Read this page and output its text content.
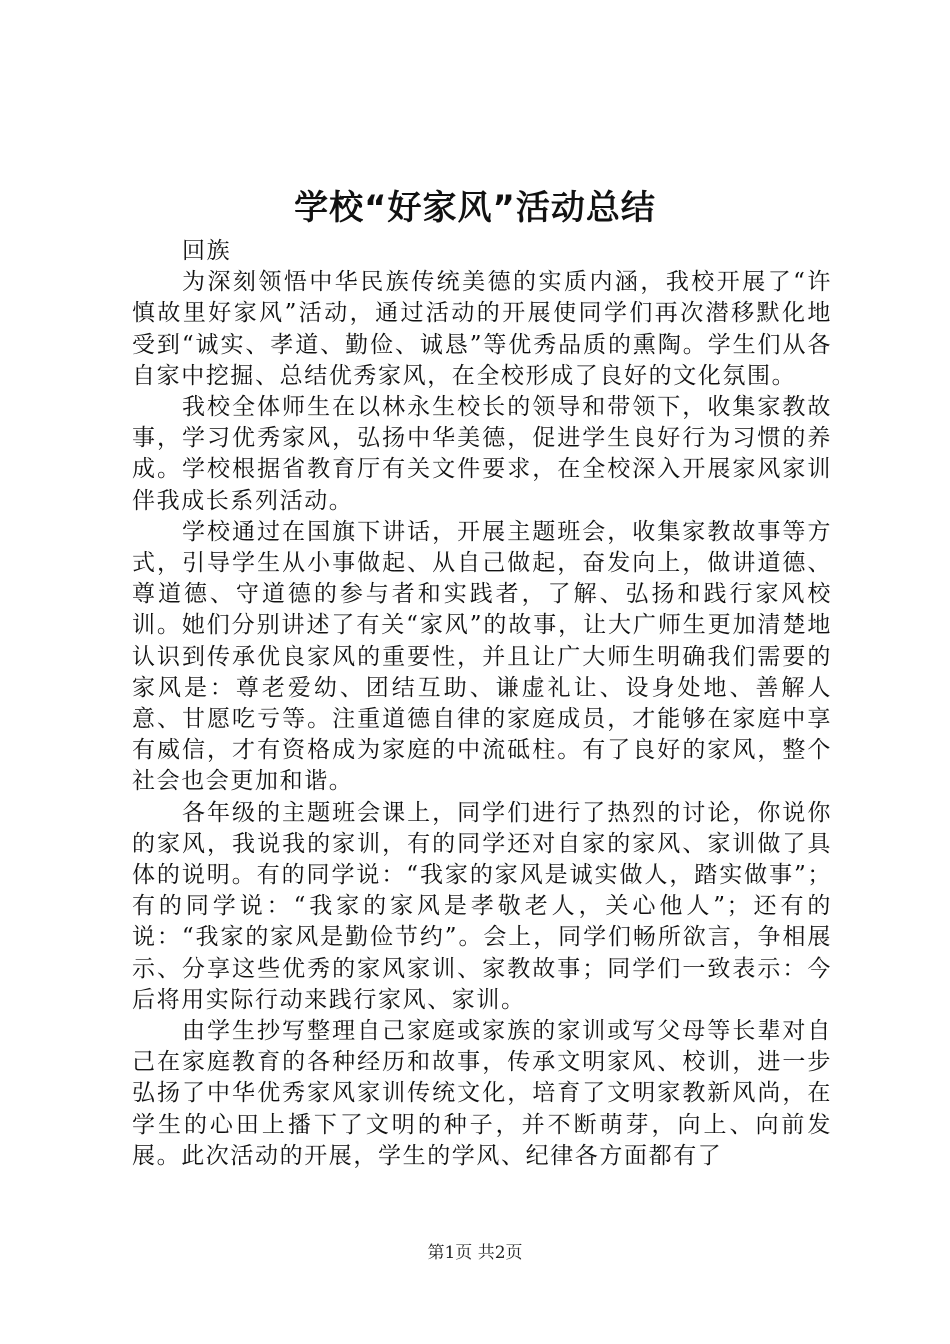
学校“好家风”活动总结

回族

为深刻领悟中华民族传统美德的实质内涵，我校开展了“许慎故里好家风”活动，通过活动的开展使同学们再次潜移默化地受到“诚实、孝道、勤俭、诚恳”等优秀品质的熏陶。学生们从各自家中挖掘、总结优秀家风，在全校形成了良好的文化氛围。

我校全体师生在以林永生校长的领导和带领下，收集家教故事，学习优秀家风，弘扬中华美德，促进学生良好行为习惯的养成。学校根据省教育厅有关文件要求，在全校深入开展家风家训伴我成长系列活动。

学校通过在国旗下讲话，开展主题班会，收集家教故事等方式，引导学生从小事做起、从自己做起，奋发向上，做讲道德、尊道德、守道德的参与者和实践者，了解、弘扬和践行家风校训。她们分别讲述了有关“家风”的故事，让大广师生更加清楚地认识到传承优良家风的重要性，并且让广大师生明确我们需要的家风是：尊老爱幼、团结互助、谦虚礼让、设身处地、善解人意、甘愿吃亏等。注重道德自律的家庭成员，才能够在家庭中享有威信，才有资格成为家庭的中流砥柱。有了良好的家风，整个社会也会更加和谐。

各年级的主题班会课上，同学们进行了热烈的讨论，你说你的家风，我说我的家训，有的同学还对自家的家风、家训做了具体的说明。有的同学说：“我家的家风是诚实做人，踏实做事”；有的同学说：“我家的家风是孝敬老人，关心他人”；还有的说：“我家的家风是勤俭节约”。会上，同学们畅所欲言，争相展示、分享这些优秀的家风家训、家教故事；同学们一致表示：今后将用实际行动来践行家风、家训。

由学生抄写整理自己家庭或家族的家训或写父母等长辈对自己在家庭教育的各种经历和故事，传承文明家风、校训，进一步弘扬了中华优秀家风家训传统文化，培育了文明家教新风尚，在学生的心田上播下了文明的种子，并不断萌芽，向上、向前发展。此次活动的开展，学生的学风、纪律各方面都有了

第1页 共2页
